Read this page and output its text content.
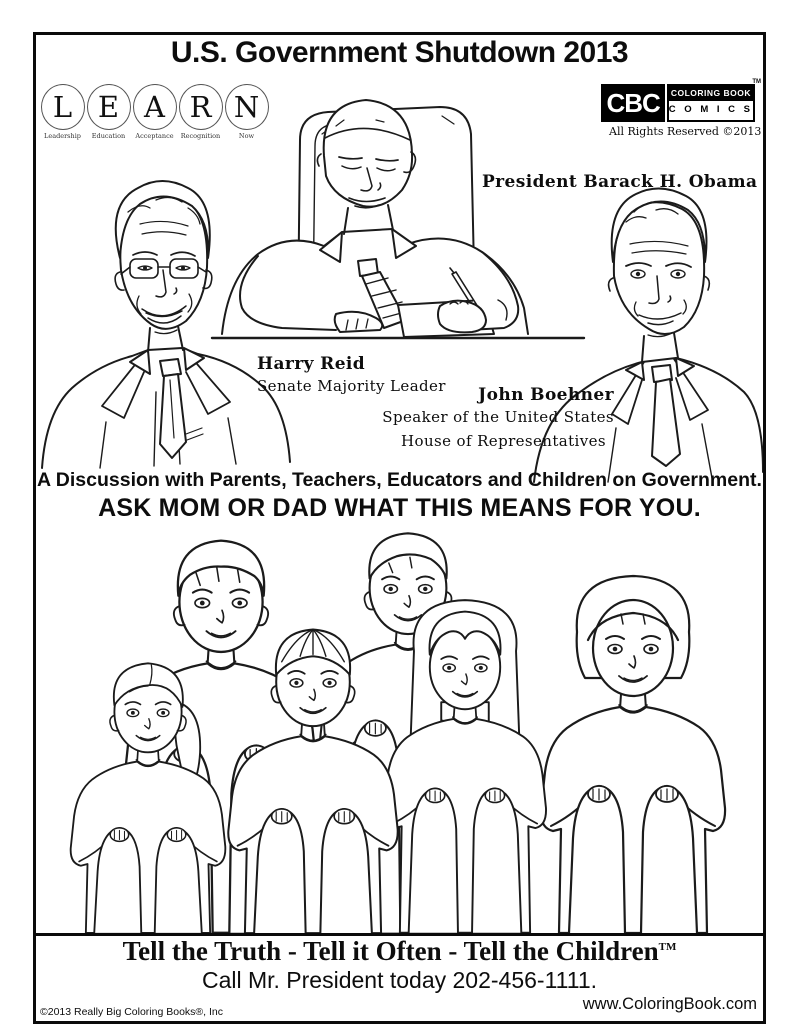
U.S. Government Shutdown 2013
L
Leadership
E
Education
A
Acceptance
R
Recognition
N
Now
CBC	COLORING BOOK
C O M I C S
TM
All Rights Reserved ©2013
President Barack H. Obama
Harry Reid
Senate Majority Leader	John Boehner
Speaker of the United States
House of Representatives
A Discussion with Parents, Teachers, Educators and Children on Government.
ASK MOM OR DAD WHAT THIS MEANS FOR YOU.
Tell the Truth - Tell it Often - Tell the Children™
Call Mr. President today 202-456-1111.
©2013 Really Big Coloring Books®, Inc	www.ColoringBook.com
